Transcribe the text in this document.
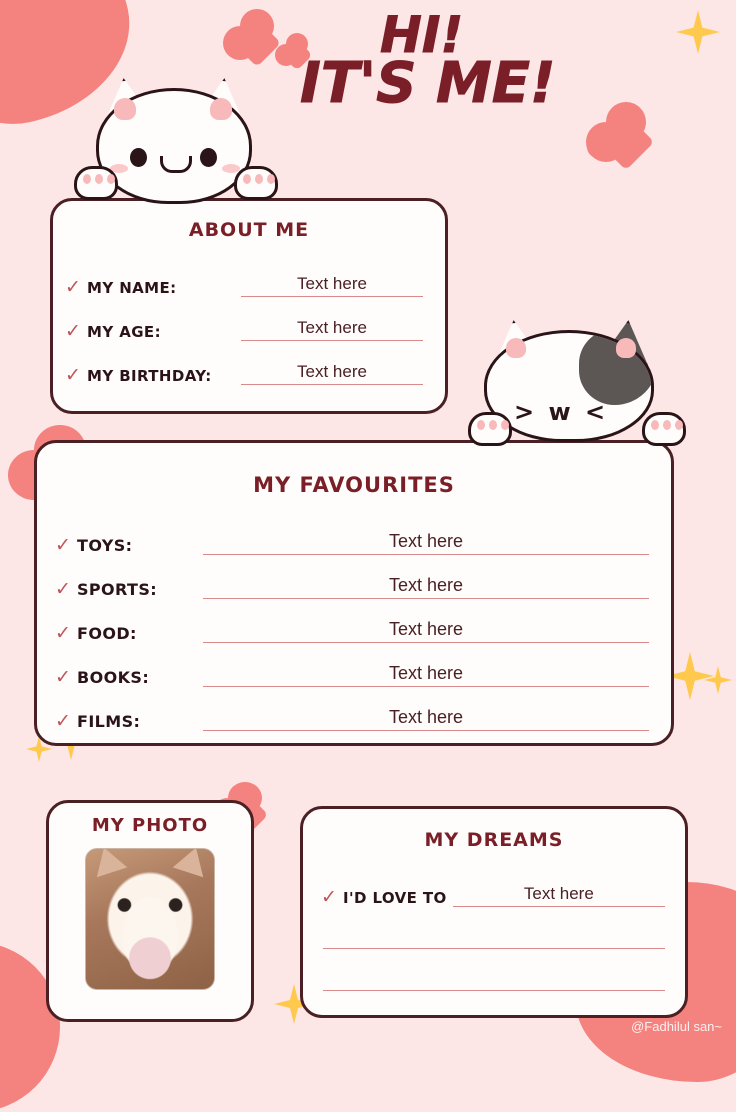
HI!
IT'S ME!
ABOUT ME
✓ MY NAME:	Text here
✓ MY AGE:	Text here
✓ MY BIRTHDAY:	Text here
> w <
MY FAVOURITES
✓ TOYS:	Text here
✓ SPORTS:	Text here
✓ FOOD:	Text here
✓ BOOKS:	Text here
✓ FILMS:	Text here
MY PHOTO
MY DREAMS
✓ I'D LOVE TO	Text here
@Fadhilul san~
